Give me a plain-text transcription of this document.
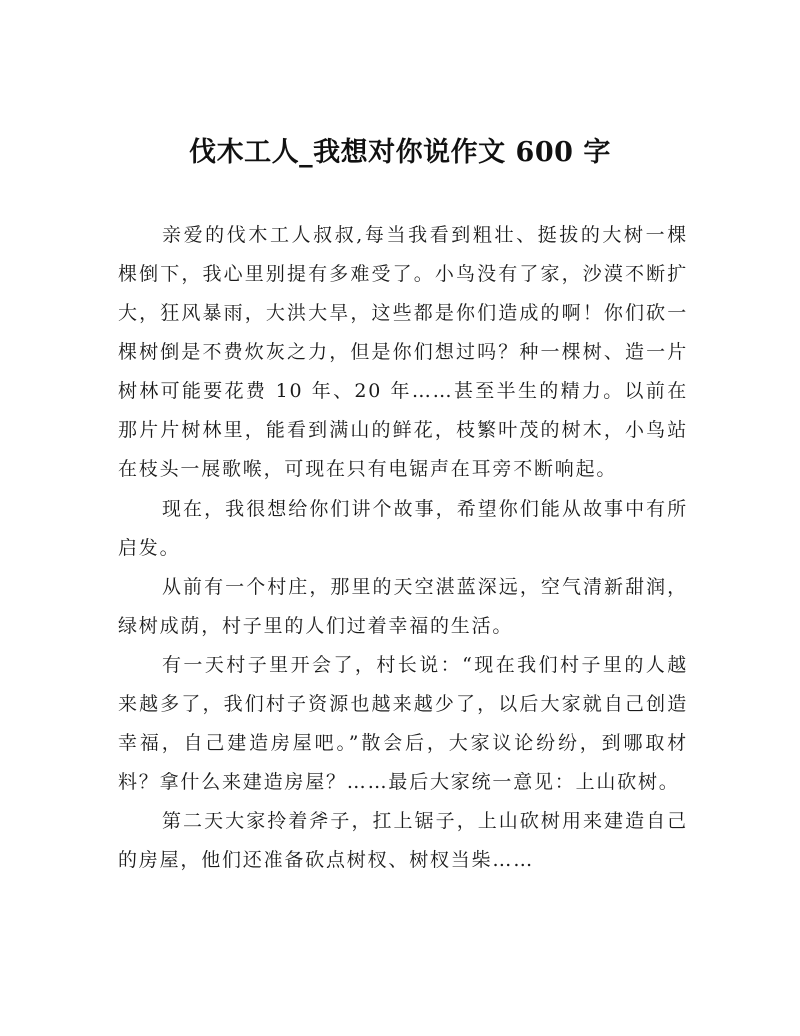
伐木工人_我想对你说作文 600 字

亲爱的伐木工人叔叔,每当我看到粗壮、挺拔的大树一棵棵倒下，我心里别提有多难受了。小鸟没有了家，沙漠不断扩大，狂风暴雨，大洪大旱，这些都是你们造成的啊！你们砍一棵树倒是不费炊灰之力，但是你们想过吗？种一棵树、造一片树林可能要花费 10 年、20 年……甚至半生的精力。以前在那片片树林里，能看到满山的鲜花，枝繁叶茂的树木，小鸟站在枝头一展歌喉，可现在只有电锯声在耳旁不断响起。

现在，我很想给你们讲个故事，希望你们能从故事中有所启发。

从前有一个村庄，那里的天空湛蓝深远，空气清新甜润，绿树成荫，村子里的人们过着幸福的生活。

有一天村子里开会了，村长说：“现在我们村子里的人越来越多了，我们村子资源也越来越少了，以后大家就自己创造幸福，自己建造房屋吧。”散会后，大家议论纷纷，到哪取材料？拿什么来建造房屋？……最后大家统一意见：上山砍树。

第二天大家拎着斧子，扛上锯子，上山砍树用来建造自己的房屋，他们还准备砍点树杈、树杈当柴……
